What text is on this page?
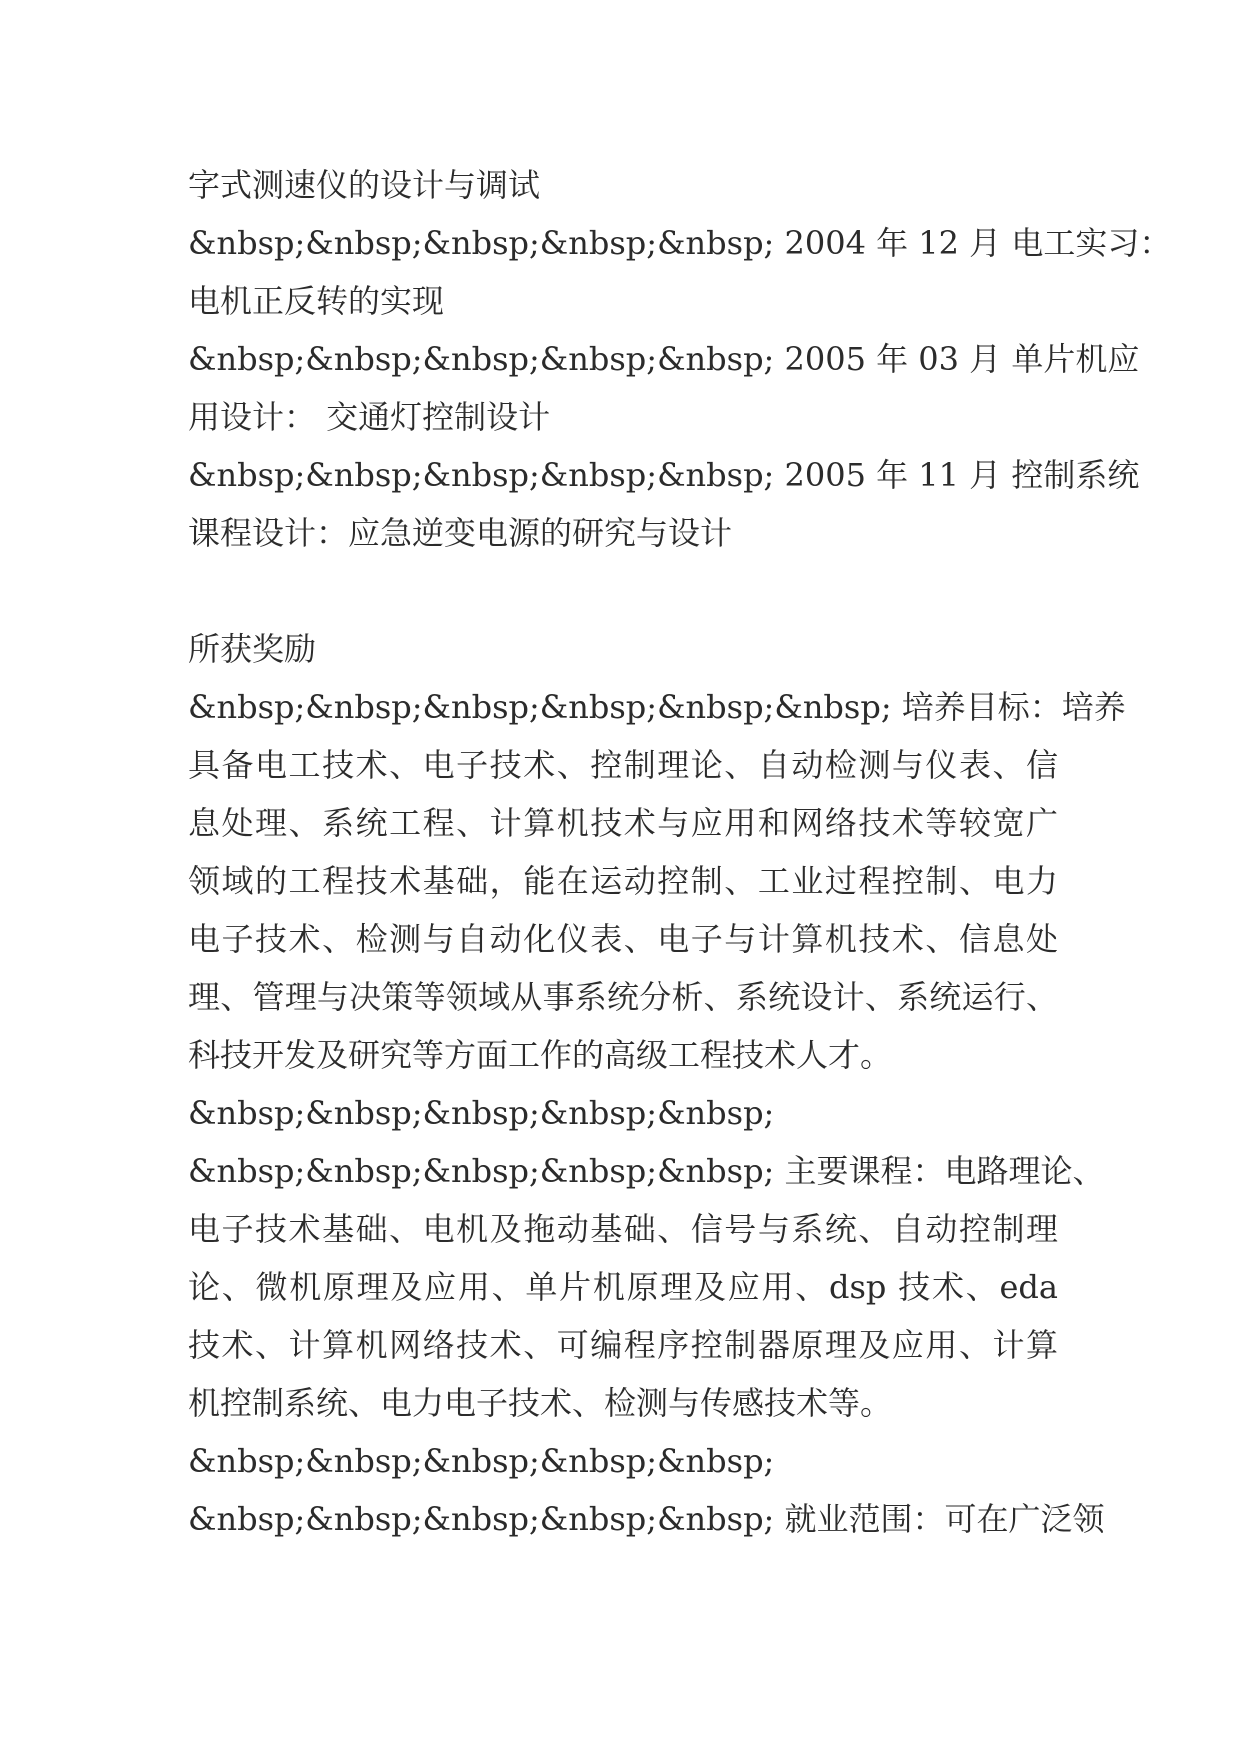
字式测速仪的设计与调试
&nbsp;&nbsp;&nbsp;&nbsp;&nbsp; 2004 年 12 月 电工实习：
电机正反转的实现
&nbsp;&nbsp;&nbsp;&nbsp;&nbsp; 2005 年 03 月 单片机应
用设计： 交通灯控制设计
&nbsp;&nbsp;&nbsp;&nbsp;&nbsp; 2005 年 11 月 控制系统
课程设计：应急逆变电源的研究与设计
所获奖励
&nbsp;&nbsp;&nbsp;&nbsp;&nbsp;&nbsp; 培养目标：培养
具备电工技术、电子技术、控制理论、自动检测与仪表、信
息处理、系统工程、计算机技术与应用和网络技术等较宽广
领域的工程技术基础，能在运动控制、工业过程控制、电力
电子技术、检测与自动化仪表、电子与计算机技术、信息处
理、管理与决策等领域从事系统分析、系统设计、系统运行、
科技开发及研究等方面工作的高级工程技术人才。
&nbsp;&nbsp;&nbsp;&nbsp;&nbsp;
&nbsp;&nbsp;&nbsp;&nbsp;&nbsp; 主要课程：电路理论、
电子技术基础、电机及拖动基础、信号与系统、自动控制理
论、微机原理及应用、单片机原理及应用、dsp 技术、eda
技术、计算机网络技术、可编程序控制器原理及应用、计算
机控制系统、电力电子技术、检测与传感技术等。
&nbsp;&nbsp;&nbsp;&nbsp;&nbsp;
&nbsp;&nbsp;&nbsp;&nbsp;&nbsp; 就业范围：可在广泛领
